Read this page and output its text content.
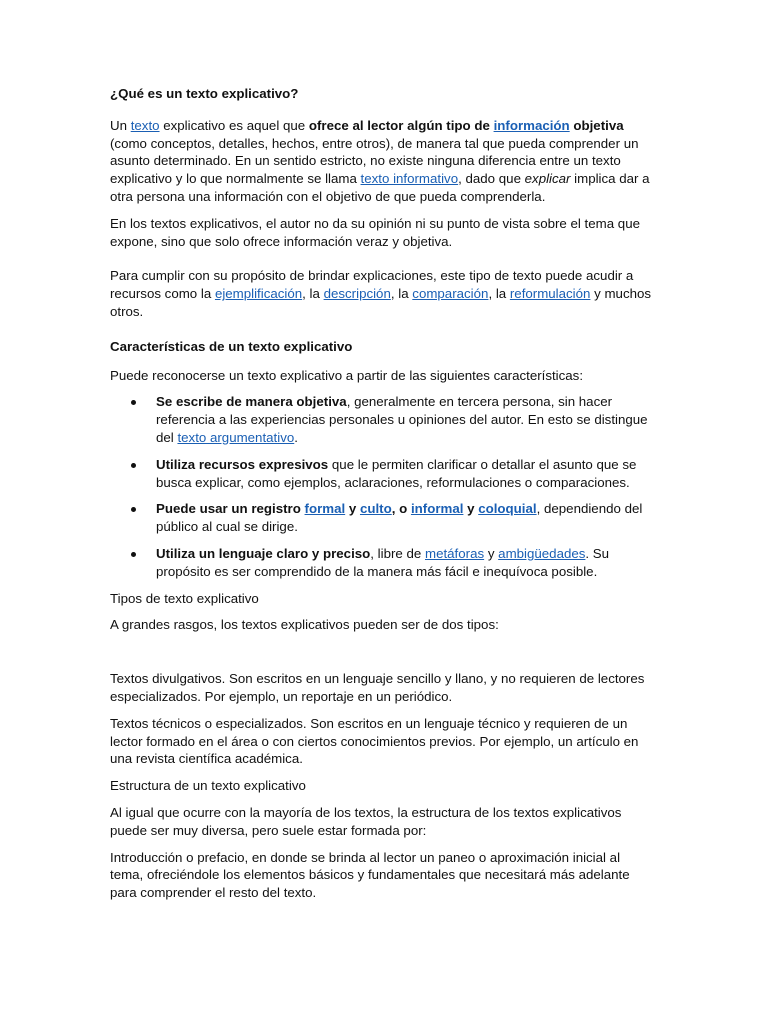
¿Qué es un texto explicativo?

Un texto explicativo es aquel que ofrece al lector algún tipo de información objetiva (como conceptos, detalles, hechos, entre otros), de manera tal que pueda comprender un asunto determinado. En un sentido estricto, no existe ninguna diferencia entre un texto explicativo y lo que normalmente se llama texto informativo, dado que explicar implica dar a otra persona una información con el objetivo de que pueda comprenderla.

En los textos explicativos, el autor no da su opinión ni su punto de vista sobre el tema que expone, sino que solo ofrece información veraz y objetiva.

Para cumplir con su propósito de brindar explicaciones, este tipo de texto puede acudir a recursos como la ejemplificación, la descripción, la comparación, la reformulación y muchos otros.

Características de un texto explicativo

Puede reconocerse un texto explicativo a partir de las siguientes características:

Se escribe de manera objetiva, generalmente en tercera persona, sin hacer referencia a las experiencias personales u opiniones del autor. En esto se distingue del texto argumentativo.
Utiliza recursos expresivos que le permiten clarificar o detallar el asunto que se busca explicar, como ejemplos, aclaraciones, reformulaciones o comparaciones.
Puede usar un registro formal y culto, o informal y coloquial, dependiendo del público al cual se dirige.
Utiliza un lenguaje claro y preciso, libre de metáforas y ambigüedades. Su propósito es ser comprendido de la manera más fácil e inequívoca posible.

Tipos de texto explicativo

A grandes rasgos, los textos explicativos pueden ser de dos tipos:

Textos divulgativos. Son escritos en un lenguaje sencillo y llano, y no requieren de lectores especializados. Por ejemplo, un reportaje en un periódico.

Textos técnicos o especializados. Son escritos en un lenguaje técnico y requieren de un lector formado en el área o con ciertos conocimientos previos. Por ejemplo, un artículo en una revista científica académica.

Estructura de un texto explicativo

Al igual que ocurre con la mayoría de los textos, la estructura de los textos explicativos puede ser muy diversa, pero suele estar formada por:

Introducción o prefacio, en donde se brinda al lector un paneo o aproximación inicial al tema, ofreciéndole los elementos básicos y fundamentales que necesitará más adelante para comprender el resto del texto.
